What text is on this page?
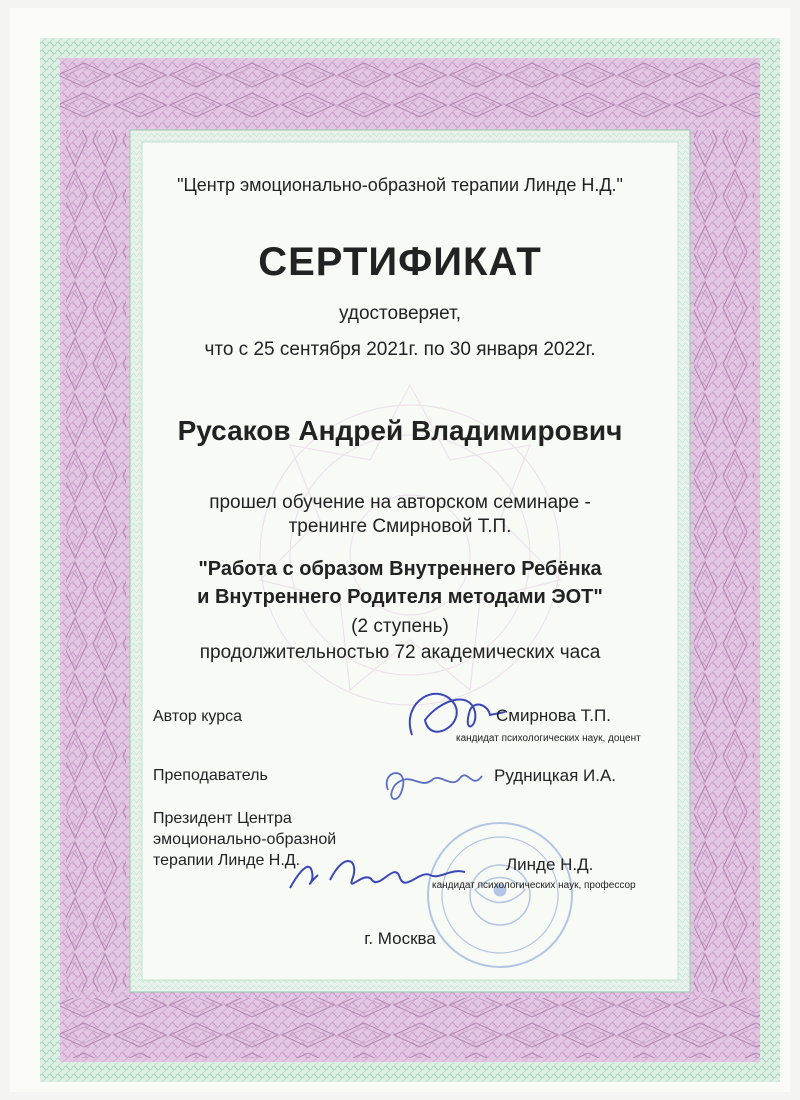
"Центр эмоционально-образной терапии Линде Н.Д."
СЕРТИФИКАТ
удостоверяет,
что с 25 сентября 2021г. по 30 января 2022г.
Русаков Андрей Владимирович
прошел обучение на авторском семинаре -
тренинге Смирновой Т.П.
"Работа с образом Внутреннего Ребёнка
и Внутреннего Родителя методами ЭОТ"
(2 ступень)
продолжительностью 72 академических часа
Автор курса	Смирнова Т.П.
кандидат психологических наук, доцент
Преподаватель	Рудницкая И.А.
Президент Центра
эмоционально-образной
терапии Линде Н.Д.	Линде Н.Д.
кандидат психологических наук, профессор
г. Москва
